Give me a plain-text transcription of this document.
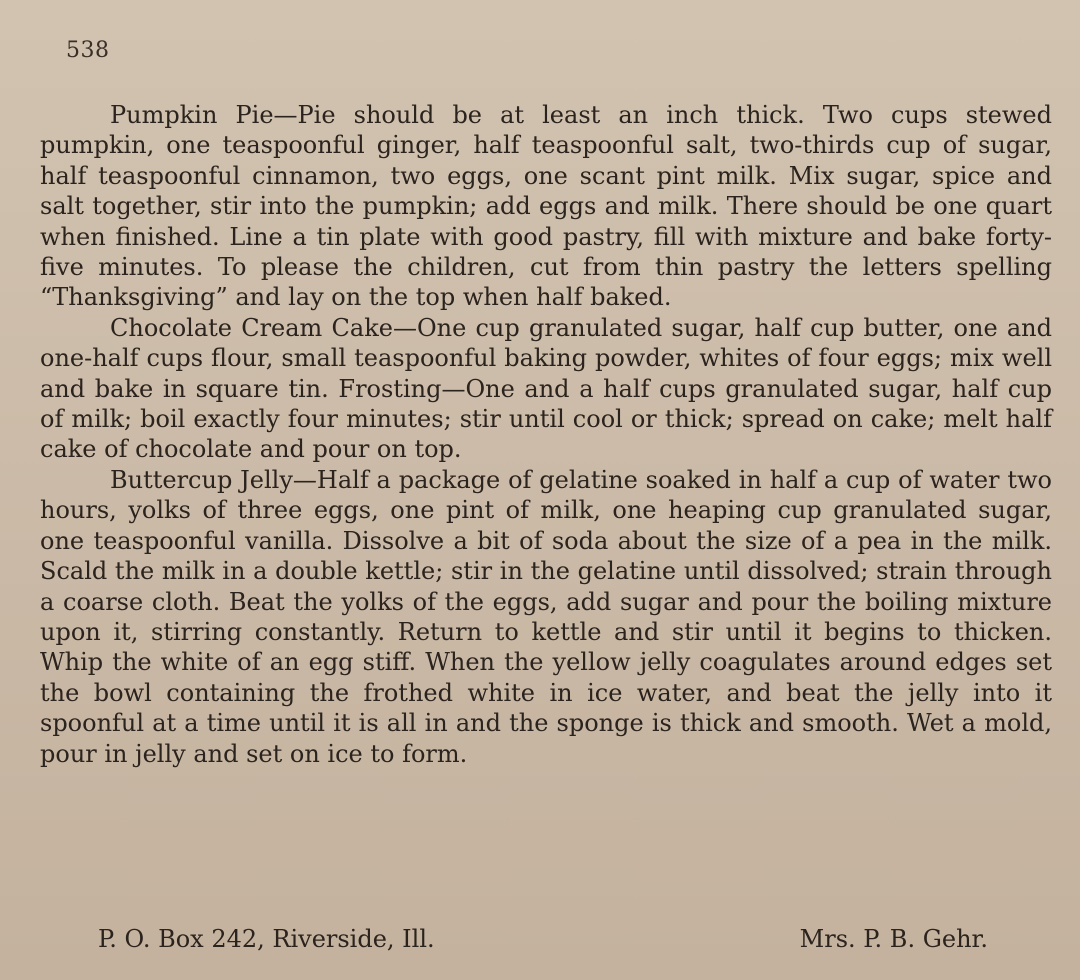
538

Pumpkin Pie—Pie should be at least an inch thick. Two cups stewed pumpkin, one teaspoonful ginger, half teaspoonful salt, two-thirds cup of sugar, half teaspoonful cinnamon, two eggs, one scant pint milk. Mix sugar, spice and salt together, stir into the pumpkin; add eggs and milk. There should be one quart when finished. Line a tin plate with good pastry, fill with mixture and bake forty-five minutes. To please the children, cut from thin pastry the letters spelling “Thanksgiving” and lay on the top when half baked.

Chocolate Cream Cake—One cup granulated sugar, half cup butter, one and one-half cups flour, small teaspoonful baking powder, whites of four eggs; mix well and bake in square tin. Frosting—One and a half cups granulated sugar, half cup of milk; boil exactly four minutes; stir until cool or thick; spread on cake; melt half cake of chocolate and pour on top.

Buttercup Jelly—Half a package of gelatine soaked in half a cup of water two hours, yolks of three eggs, one pint of milk, one heaping cup granulated sugar, one teaspoonful vanilla. Dissolve a bit of soda about the size of a pea in the milk. Scald the milk in a double kettle; stir in the gelatine until dissolved; strain through a coarse cloth. Beat the yolks of the eggs, add sugar and pour the boiling mixture upon it, stirring constantly. Return to kettle and stir until it begins to thicken. Whip the white of an egg stiff. When the yellow jelly coagulates around edges set the bowl containing the frothed white in ice water, and beat the jelly into it spoonful at a time until it is all in and the sponge is thick and smooth. Wet a mold, pour in jelly and set on ice to form.

P. O. Box 242, Riverside, Ill.	Mrs. P. B. Gehr.
